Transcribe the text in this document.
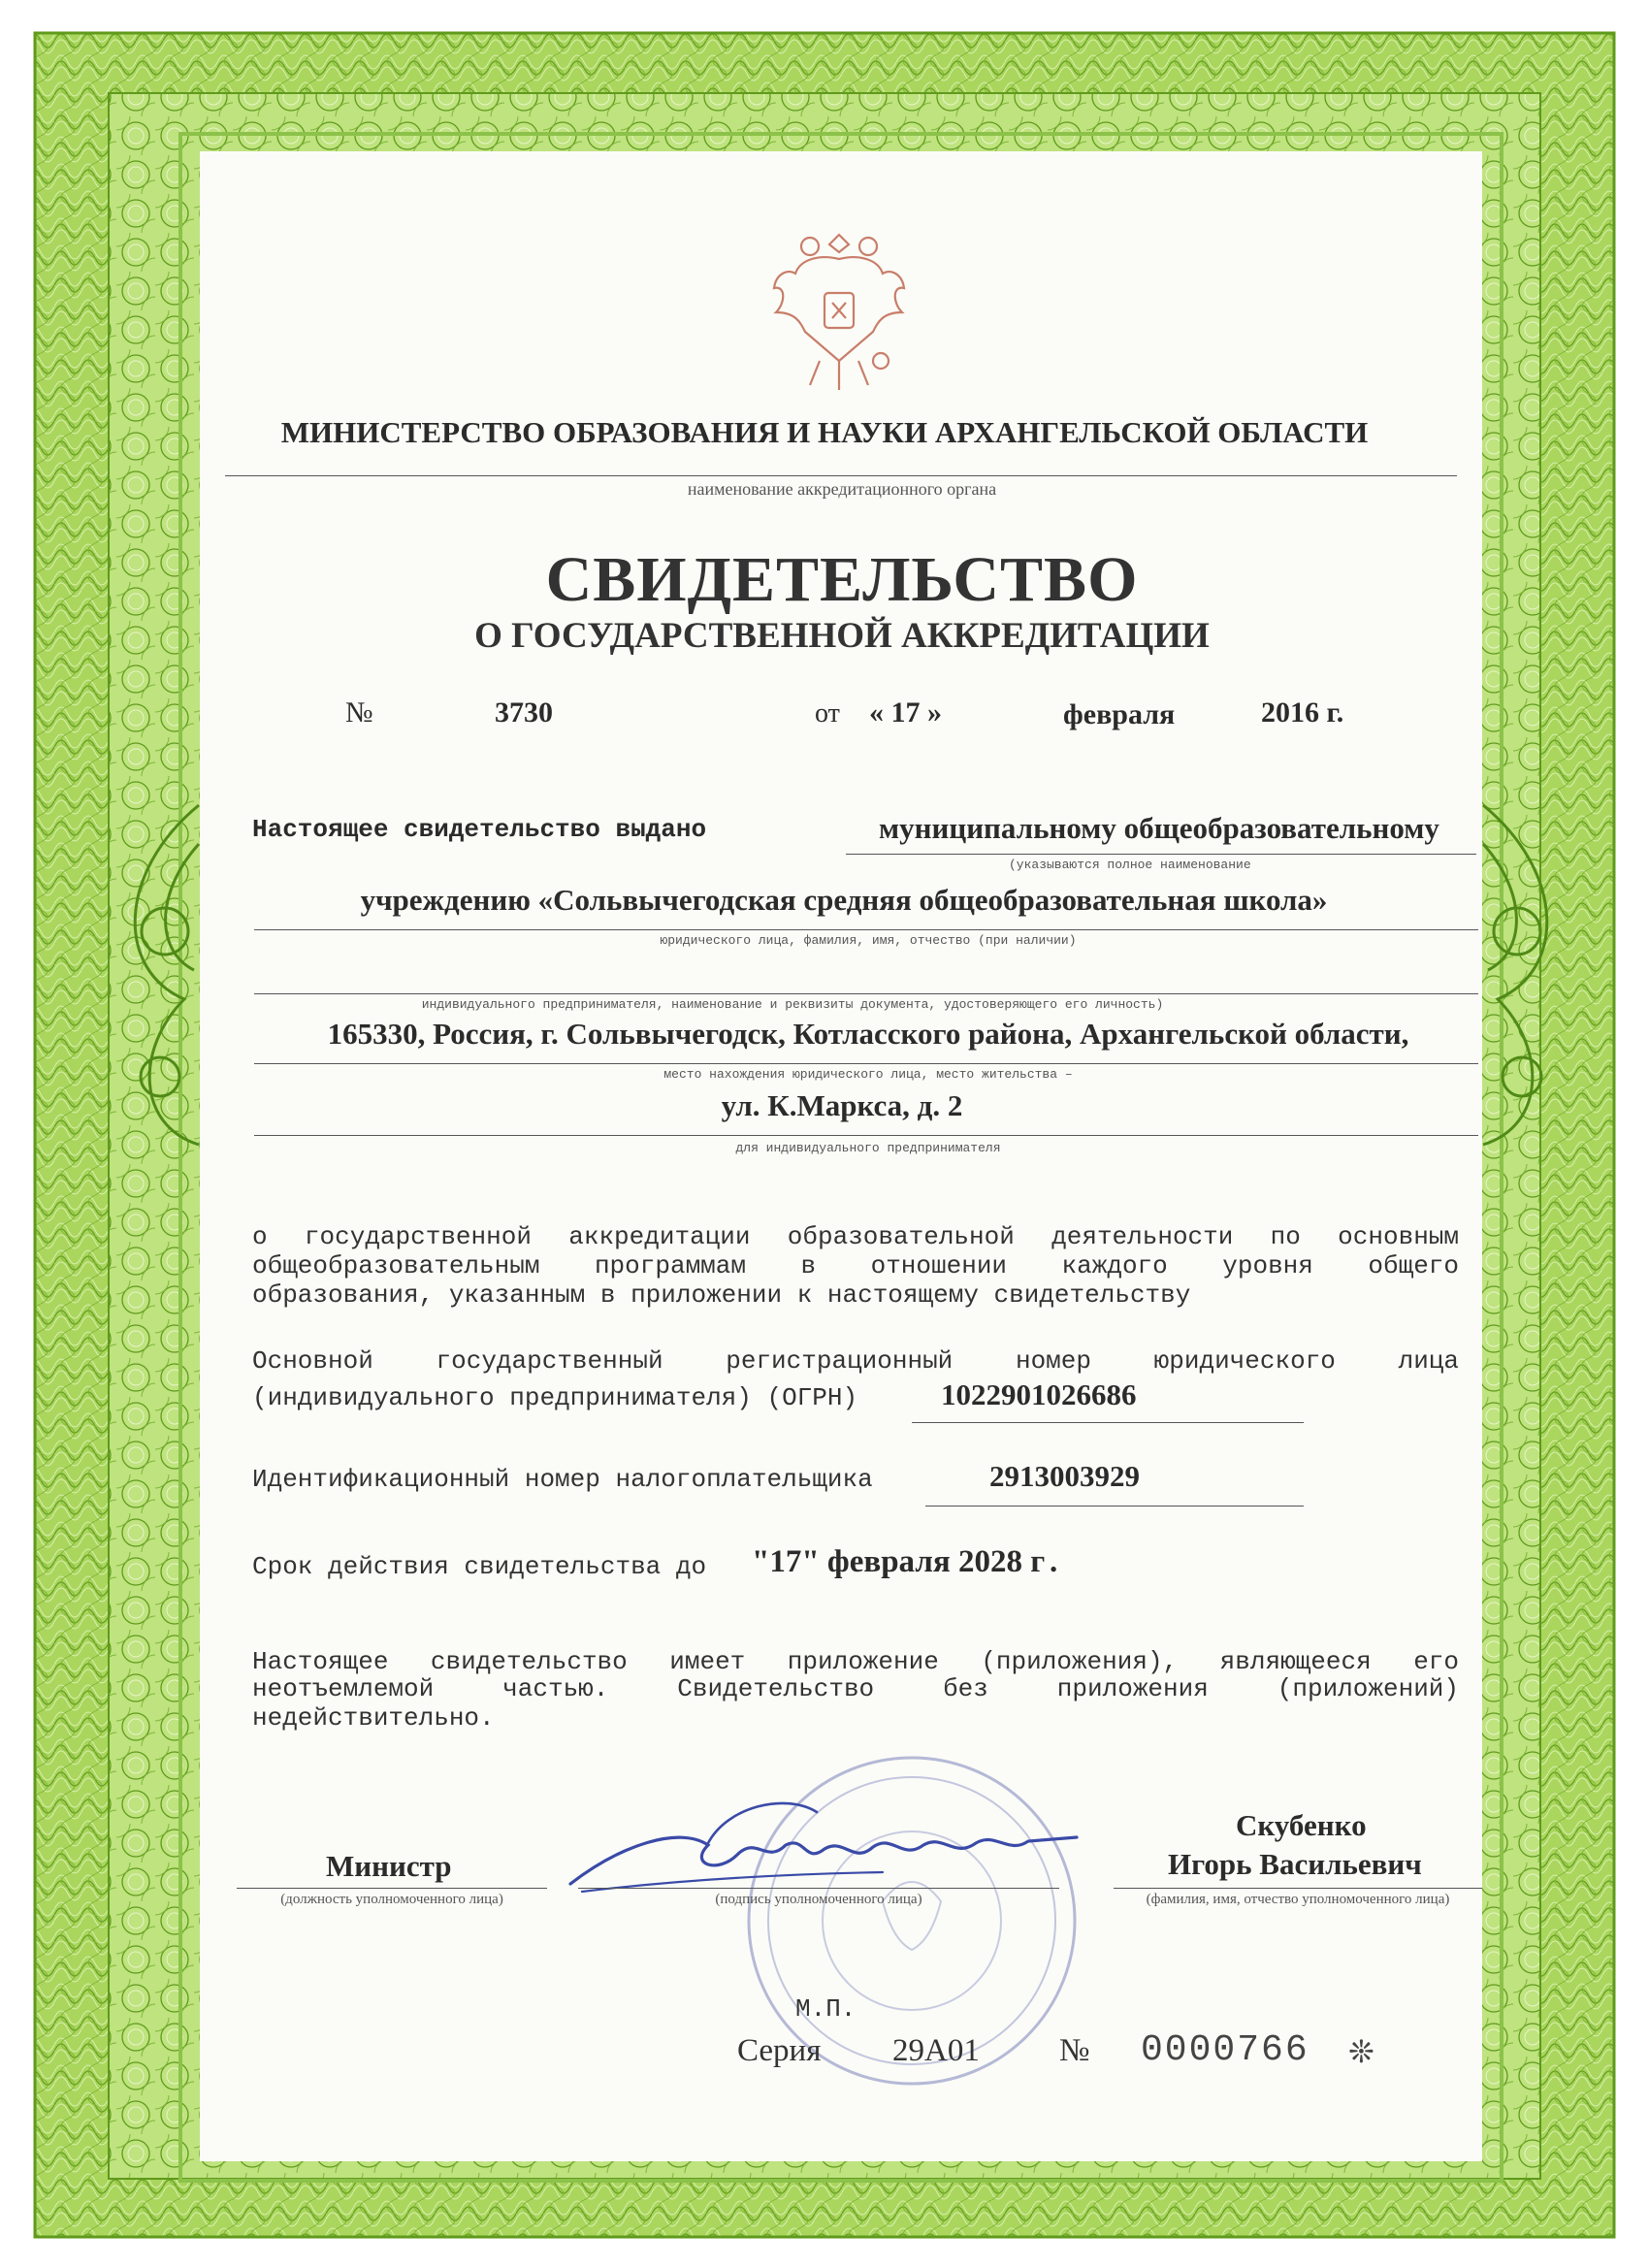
МИНИСТЕРСТВО ОБРАЗОВАНИЯ И НАУКИ АРХАНГЕЛЬСКОЙ ОБЛАСТИ
наименование аккредитационного органа
СВИДЕТЕЛЬСТВО
О ГОСУДАРСТВЕННОЙ АККРЕДИТАЦИИ
№	3730	от « 17 »	февраля	2016 г.
Настоящее свидетельство выдано	муниципальному общеобразовательному
(указываются полное наименование
учреждению «Сольвычегодская средняя общеобразовательная школа»
юридического лица, фамилия, имя, отчество (при наличии)
индивидуального предпринимателя, наименование и реквизиты документа, удостоверяющего его личность)
165330, Россия, г. Сольвычегодск, Котласского района, Архангельской области,
место нахождения юридического лица, место жительства –
ул. К.Маркса, д. 2
для индивидуального предпринимателя
о государственной аккредитации образовательной деятельности по основным
общеобразовательным программам в отношении каждого уровня общего
образования, указанным в приложении к настоящему свидетельству
Основной государственный регистрационный номер юридического лица
(индивидуального предпринимателя) (ОГРН)	1022901026686
Идентификационный номер налогоплательщика	2913003929
Срок действия свидетельства до "17" февраля 2028 г .
Настоящее свидетельство имеет приложение (приложения), являющееся его
неотъемлемой частью. Свидетельство без приложения (приложений)
недействительно.
Министр
(должность уполномоченного лица)	(подпись уполномоченного лица)
Скубенко
Игорь Васильевич
(фамилия, имя, отчество уполномоченного лица)
М.П.
Серия 29А01 № 0000766 ❊
